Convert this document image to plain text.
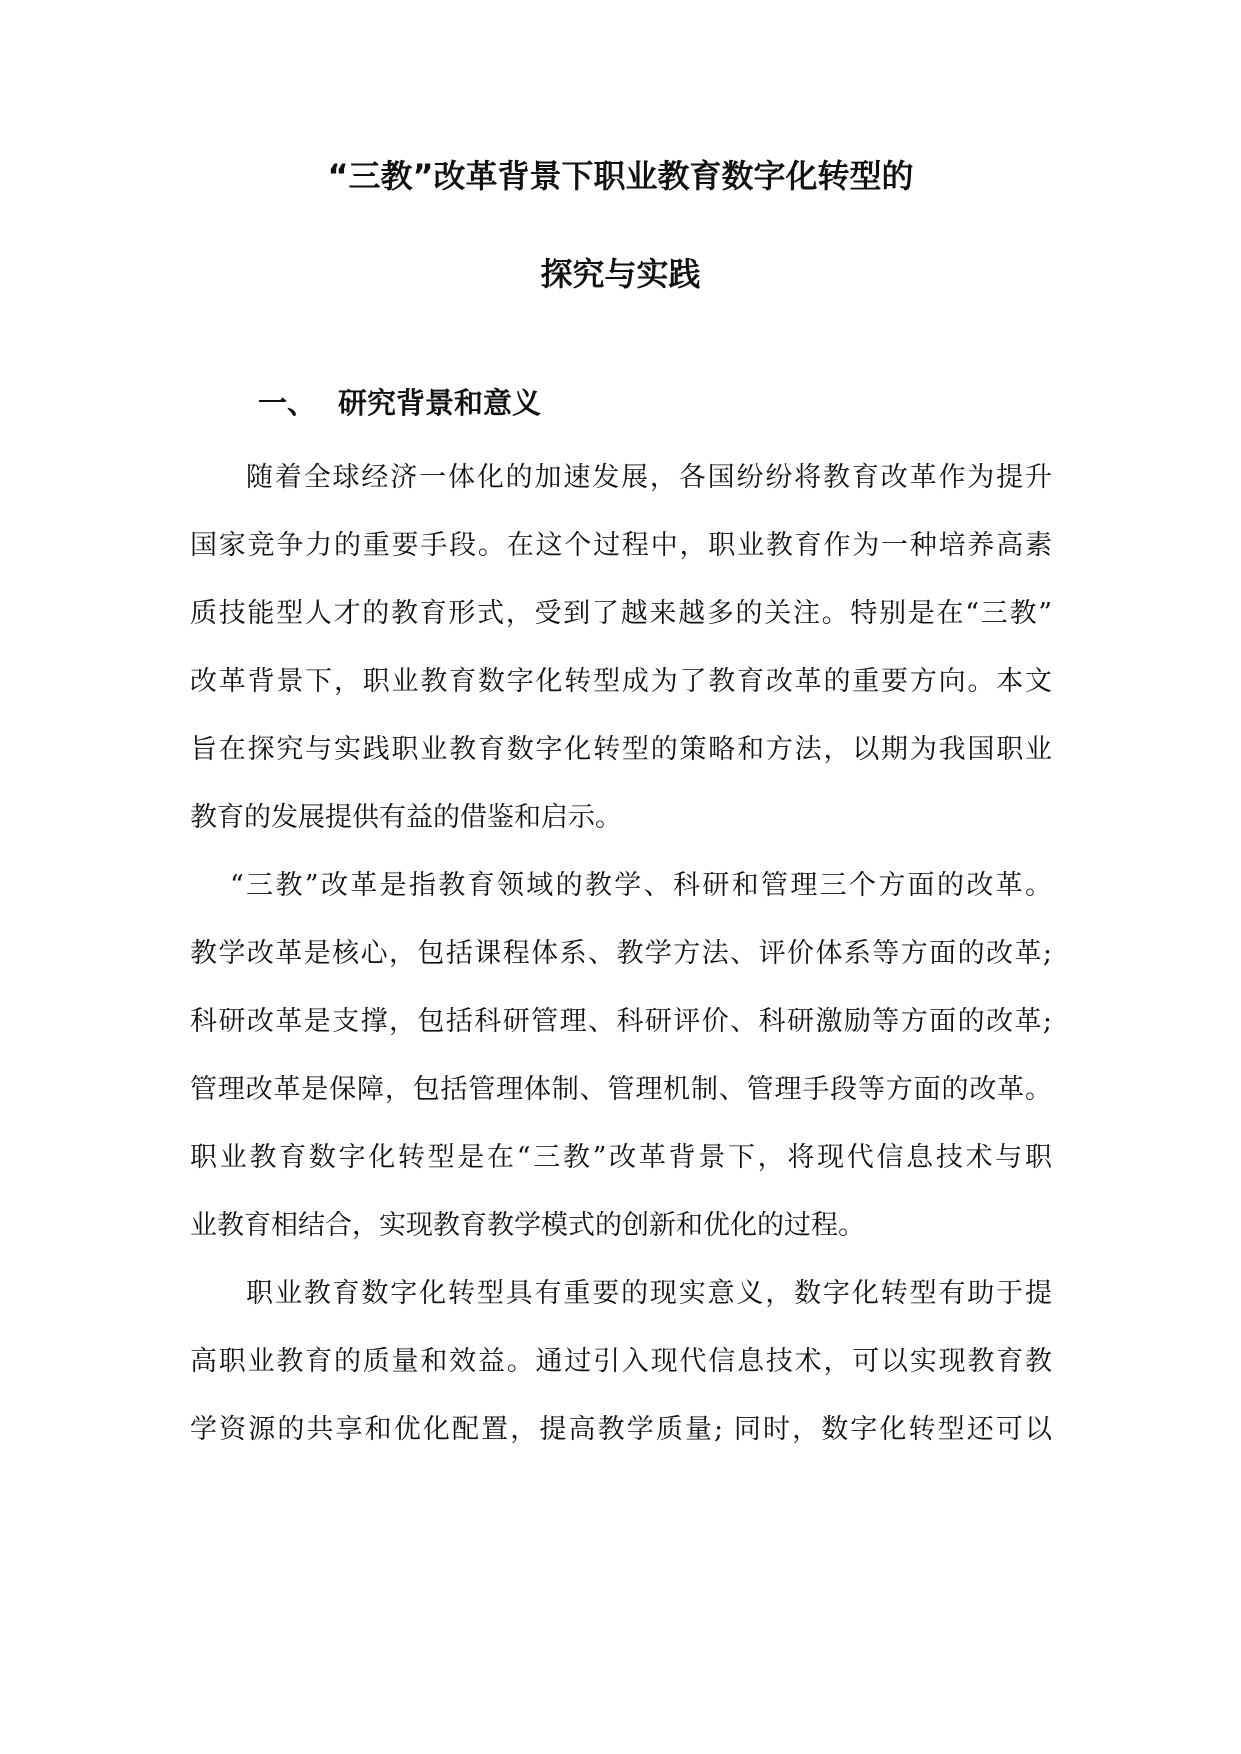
“三教”改革背景下职业教育数字化转型的
探究与实践
一、 研究背景和意义
随着全球经济一体化的加速发展，各国纷纷将教育改革作为提升
国家竞争力的重要手段。在这个过程中，职业教育作为一种培养高素
质技能型人才的教育形式，受到了越来越多的关注。特别是在“三教”
改革背景下，职业教育数字化转型成为了教育改革的重要方向。本文
旨在探究与实践职业教育数字化转型的策略和方法，以期为我国职业
教育的发展提供有益的借鉴和启示。
“三教”改革是指教育领域的教学、科研和管理三个方面的改革。
教学改革是核心，包括课程体系、教学方法、评价体系等方面的改革;
科研改革是支撑，包括科研管理、科研评价、科研激励等方面的改革;
管理改革是保障，包括管理体制、管理机制、管理手段等方面的改革。
职业教育数字化转型是在“三教”改革背景下，将现代信息技术与职
业教育相结合，实现教育教学模式的创新和优化的过程。
职业教育数字化转型具有重要的现实意义，数字化转型有助于提
高职业教育的质量和效益。通过引入现代信息技术，可以实现教育教
学资源的共享和优化配置，提高教学质量; 同时，数字化转型还可以
